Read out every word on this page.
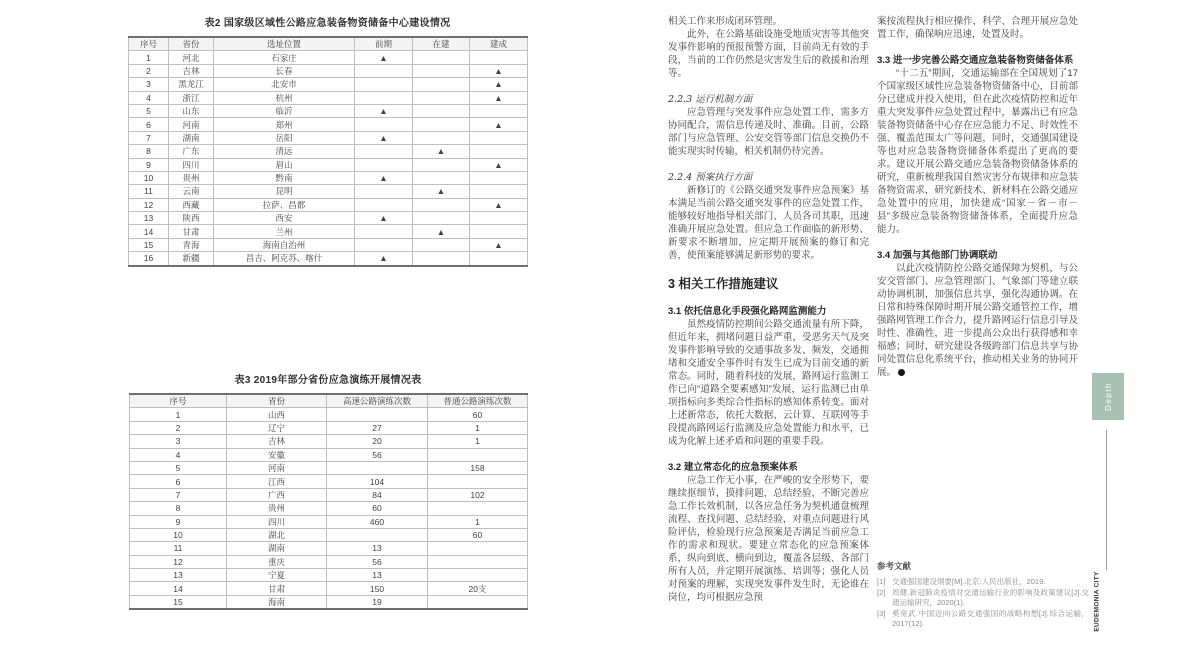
表2 国家级区域性公路应急装备物资储备中心建设情况
序号	省份	选址位置	前期	在建	建成
1	河北	石家庄	▲		
2	吉林	长春			▲
3	黑龙江	北安市			▲
4	浙江	杭州			▲
5	山东	临沂	▲		
6	河南	郑州			▲
7	湖南	岳阳	▲		
8	广东	清远		▲	
9	四川	眉山			▲
10	贵州	黔南	▲		
11	云南	昆明		▲	
12	西藏	拉萨、昌都			▲
13	陕西	西安	▲		
14	甘肃	兰州		▲	
15	青海	海南自治州			▲
16	新疆	昌吉、阿克苏、喀什	▲		
表3 2019年部分省份应急演练开展情况表
序号	省份	高速公路演练次数	普通公路演练次数
1	山西		60
2	辽宁	27	1
3	吉林	20	1
4	安徽	56	
5	河南		158
6	江西	104	
7	广西	84	102
8	贵州	60	
9	四川	460	1
10	湖北		60
11	湖南	13	
12	重庆	56	
13	宁夏	13	
14	甘肃	150	20支
15	海南	19	

相关工作来形成闭环管理。

此外，在公路基础设施受地质灾害等其他突发事件影响的预报预警方面，目前尚无有效的手段，当前的工作仍然是灾害发生后的救援和治理等。

2.2.3 运行机制方面

应急管理与突发事件应急处置工作，需多方协同配合，需信息传递及时、准确。目前，公路部门与应急管理、公安交管等部门信息交换仍不能实现实时传输，相关机制仍待完善。

2.2.4 预案执行方面

新修订的《公路交通突发事件应急预案》基本满足当前公路交通突发事件的应急处置工作，能够较好地指导相关部门、人员各司其职，迅速准确开展应急处置。但应急工作面临的新形势、新要求不断增加，应定期开展预案的修订和完善，使预案能够满足新形势的要求。

3 相关工作措施建议
3.1 依托信息化手段强化路网监测能力

虽然疫情防控期间公路交通流量有所下降，但近年来，拥堵问题日益严重，受恶劣天气及突发事件影响导致的交通事故多发、频发，交通拥堵和交通安全事件时有发生已成为目前交通的新常态。同时，随着科技的发展，路网运行监测工作已向“道路全要素感知”发展，运行监测已由单项指标向多类综合性指标的感知体系转变。面对上述新常态，依托大数据、云计算、互联网等手段提高路网运行监测及应急处置能力和水平，已成为化解上述矛盾和问题的重要手段。

3.2 建立常态化的应急预案体系

应急工作无小事，在严峻的安全形势下，要继续抠细节，摸排问题，总结经验，不断完善应急工作长效机制，以各应急任务为契机通盘梳理流程、查找问题、总结经验，对重点问题进行风险评估，检验现行应急预案是否满足当前应急工作的需求和现状。要建立常态化的应急预案体系，纵向到底、横向到边，覆盖各层级、各部门所有人员，并定期开展演练、培训等；强化人员对预案的理解，实现突发事件发生时，无论谁在岗位，均可根据应急预

案按流程执行相应操作，科学、合理开展应急处置工作，确保响应迅速，处置及时。

3.3 进一步完善公路交通应急装备物资储备体系

“十二五”期间，交通运输部在全国规划了17个国家级区域性应急装备物资储备中心，目前部分已建成并投入使用，但在此次疫情防控和近年重大突发事件应急处置过程中，暴露出已有应急装备物资储备中心存在应急能力不足、时效性不强、覆盖范围太广等问题，同时，交通强国建设等也对应急装备物资储备体系提出了更高的要求。建议开展公路交通应急装备物资储备体系的研究，重新梳理我国自然灾害分布规律和应急装备物资需求，研究新技术、新材料在公路交通应急处置中的应用，加快建成“国家－省－市－县”多级应急装备物资储备体系，全面提升应急能力。

3.4 加强与其他部门协调联动

以此次疫情防控公路交通保障为契机，与公安交管部门、应急管理部门、气象部门等建立联动协调机制，加强信息共享，强化沟通协调。在日常和特殊保障时期开展公路交通管控工作，增强路网管理工作合力，提升路网运行信息引导及时性、准确性，进一步提高公众出行获得感和幸福感；同时，研究建设各级跨部门信息共享与协同处置信息化系统平台，推动相关业务的协同开展。

参考文献
[1] 交通强国建设纲要[M].北京:人民出版社，2019.
[2] 周健.新冠肺炎疫情对交通运输行业的影响及政策建议[J].交通运输研究，2020(1).
[3] 奚宽武.中国迈向公路交通强国的战略构想[J].综合运输，2017(12).
Depth
EUDEMONIA CITY
